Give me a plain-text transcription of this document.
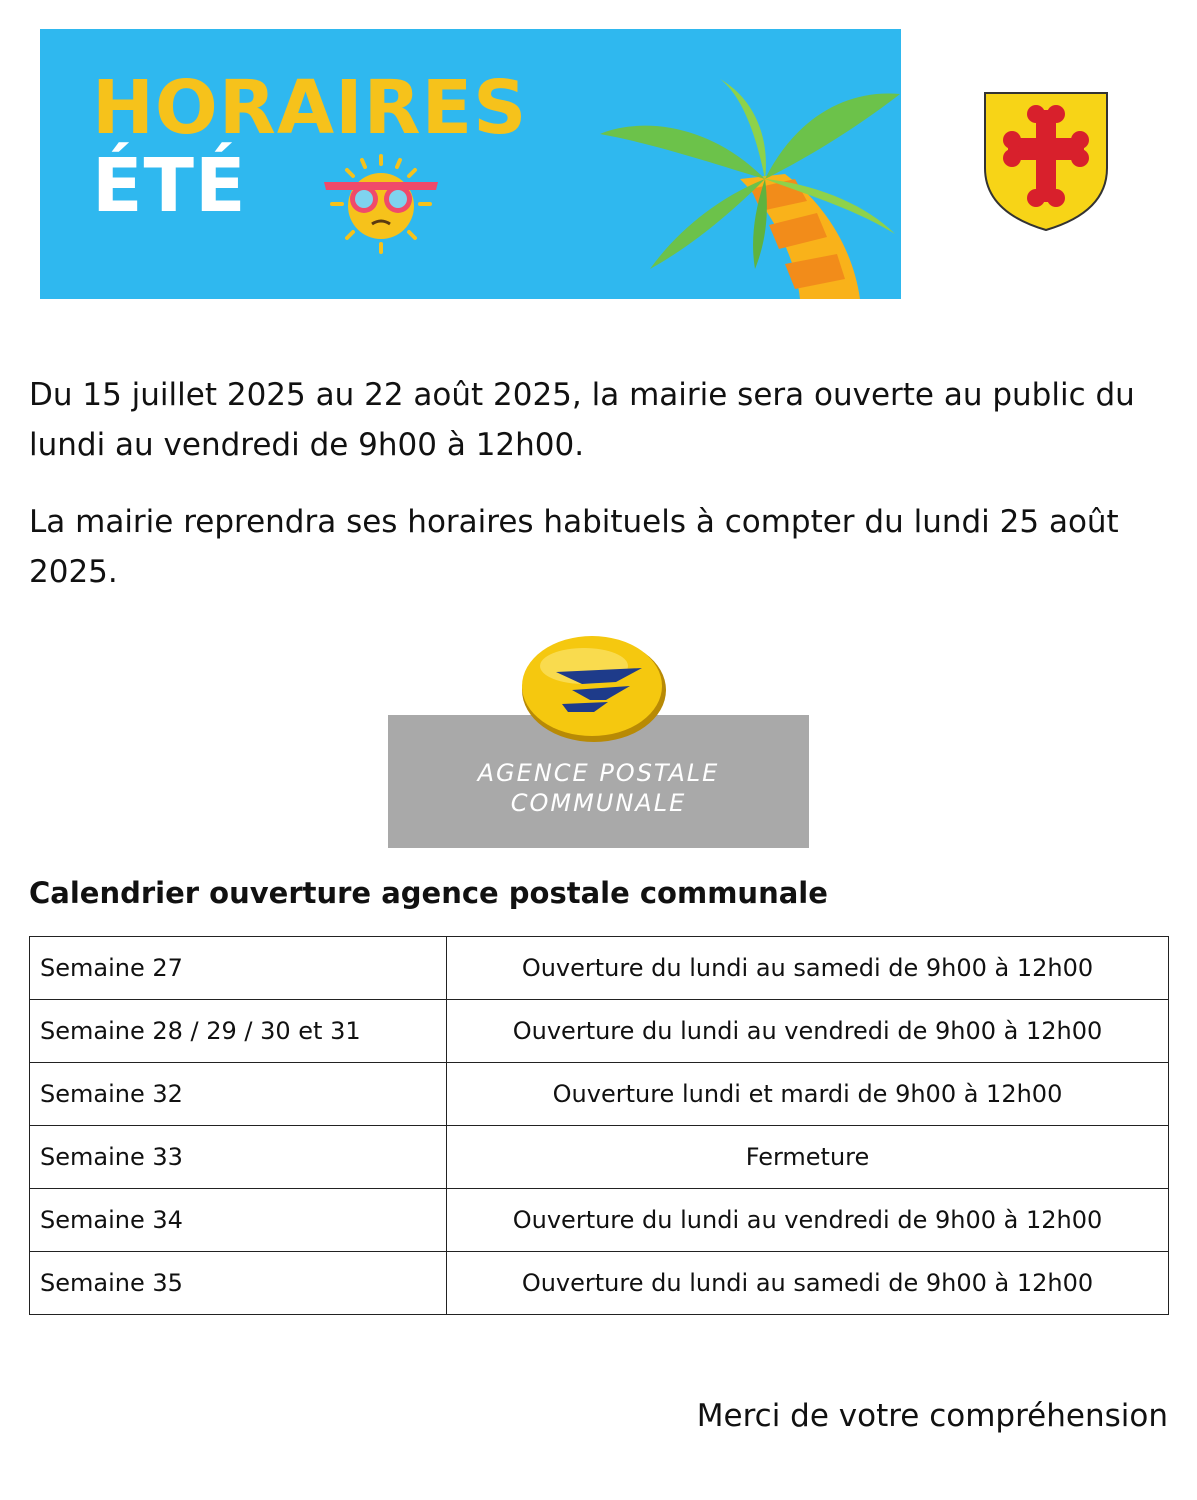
HORAIRES
ÉTÉ

Du 15 juillet 2025 au 22 août 2025, la mairie sera ouverte au public du lundi au vendredi de 9h00 à 12h00.

La mairie reprendra ses horaires habituels à compter du lundi 25 août 2025.

AGENCE POSTALE

COMMUNALE

Calendrier ouverture agence postale communale
Semaine 27	Ouverture du lundi au samedi de 9h00 à 12h00
Semaine 28 / 29 / 30 et 31	Ouverture du lundi au vendredi de 9h00 à 12h00
Semaine 32	Ouverture lundi et mardi de 9h00 à 12h00
Semaine 33	Fermeture
Semaine 34	Ouverture du lundi au vendredi de 9h00 à 12h00
Semaine 35	Ouverture du lundi au samedi de 9h00 à 12h00

Merci de votre compréhension
